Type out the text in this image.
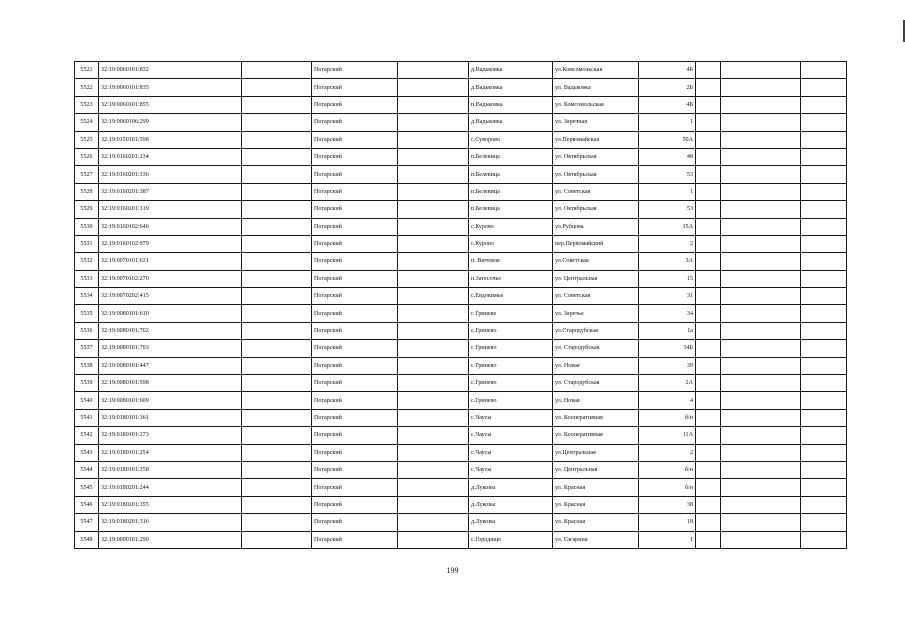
5521	32:19:0060101:832		Погарский		д.Вадьковка	ул.Комсомольская	4Б			
5522	32:19:0060101:835		Погарский		д.Вадьковка	ул. Вадьковка	2Б			
5523	32:19:0060101:855		Погарский		п.Вадьковка	ул. Комсомольская	4Б			
5524	32:19:0060106:299		Погарский		д.Вадьковка	ул. Заречная	1			
5525	32:19:0150101:598		Погарский		с.Суворово	ул.Первомайская	50А			
5526	32:19:0160201:234		Погарский		п.Белевица	ул. Октябрьская	48			
5527	32:19:0160201:336		Погарский		п.Белевица	ул. Октябрьская	53			
5528	32:19:0160201:387		Погарский		п.Белевица	ул. Советская	1			
5529	32:19:0160201:319		Погарский		п.Белевица	ул. Октябрьская	53			
5530	32:19:0160102:646		Погарский		с.Курово	ул.Рубцова	15А			
5531	32:19:0160102:979		Погарский		с.Курово	пер.Первомайский	2			
5532	32:19:0070101:631		Погарский		п. Витемля	ул.Советская	3А			
5533	32:19:0070102:270		Погарский		п.Затесочье	ул. Центральная	15			
5534	32:19:0070202:415		Погарский		с.Евдокимье	ул. Советская	31			
5535	32:19:0080101:610		Погарский		с Гриневе	ул. Заречье	34			
5536	32:19:0080101:702		Погарский		с.Гринево	ул.Стародубская	1а			
5537	32:19:0080101:703		Погарский		с Гринево	ул. Стародубская	34Б			
5538	32:19:0080101:447		Погарский		с Гринево	ул. Новая	39			
5539	32:19:0080101:598		Погарский		с.Гринево	ул. Стародубская	2А			
5540	32:19:0080101:609		Погарский		с.Гринево	ул. Новая	4			
5541	32:19:0180101:361		Погарский		с.Чаусы	ул. Кооперативная	б/н			
5542	32:19:0180101:373		Погарский		с.Чаусы	ул. Кооперативная	11А			
5543	32:19:0180101:254		Погарский		с.Чаусы	ул.Центральная	2			
5544	32:19:0180101:358		Погарский		с.Чаусы	ул. Центральная	б/н			
5545	32:19:0180201:244		Погарский		д.Луковы	ул. Красная	б/н			
5546	32:19:0180201:355		Погарский		д.Луковы	ул. Красная	38			
5547	32:19:0180201:316		Погарский		д.Луковы	ул. Красная	18			
5548	32:19:0090101:290		Погарский		с.Городище	ул. Гагарина	1			
199
